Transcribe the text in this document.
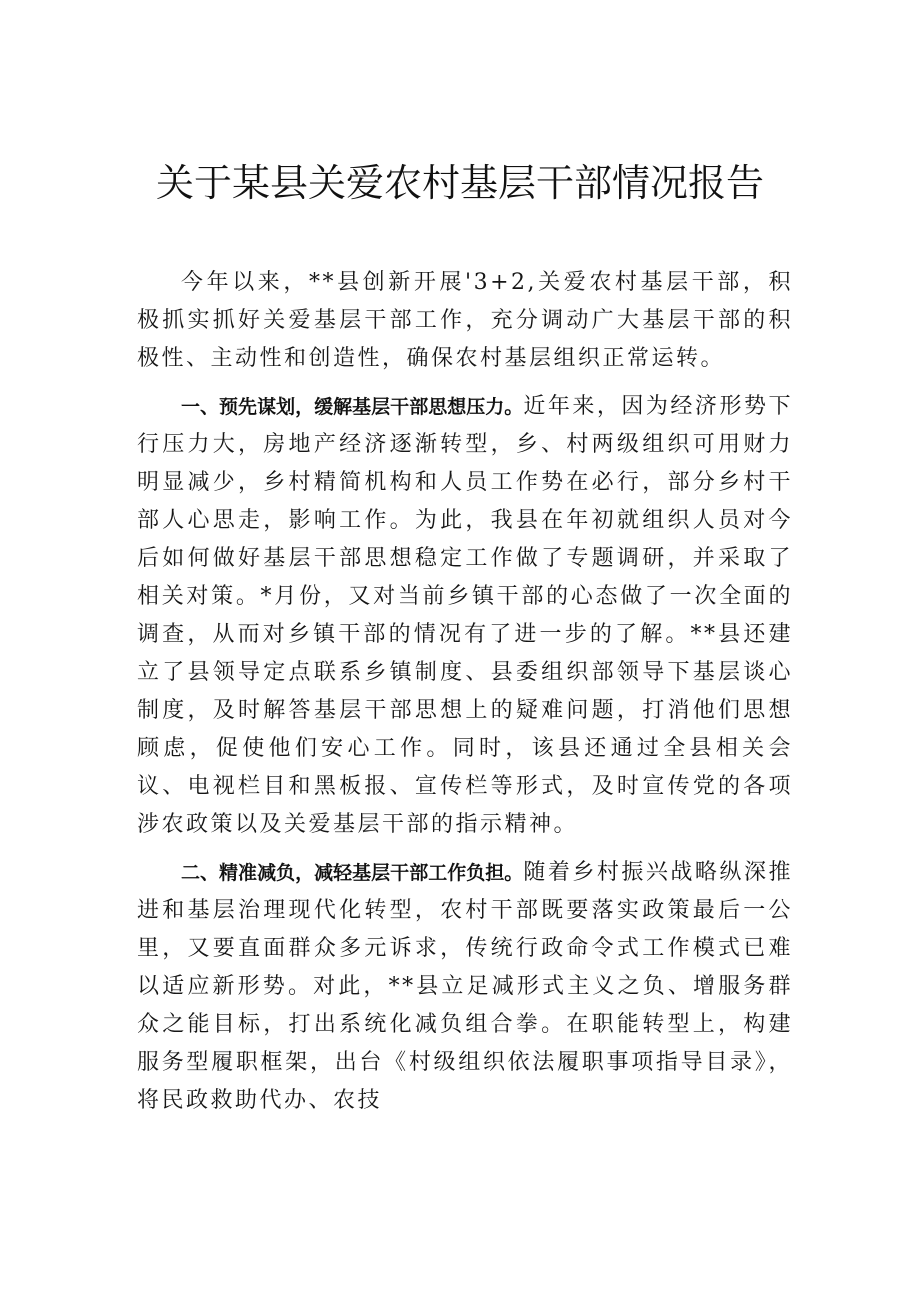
关于某县关爱农村基层干部情况报告

今年以来，**县创新开展'3+2,关爱农村基层干部，积极抓实抓好关爱基层干部工作，充分调动广大基层干部的积极性、主动性和创造性，确保农村基层组织正常运转。

一、预先谋划，缓解基层干部思想压力。近年来，因为经济形势下行压力大，房地产经济逐渐转型，乡、村两级组织可用财力明显减少，乡村精简机构和人员工作势在必行，部分乡村干部人心思走，影响工作。为此，我县在年初就组织人员对今后如何做好基层干部思想稳定工作做了专题调研，并采取了相关对策。*月份，又对当前乡镇干部的心态做了一次全面的调查，从而对乡镇干部的情况有了进一步的了解。**县还建立了县领导定点联系乡镇制度、县委组织部领导下基层谈心制度，及时解答基层干部思想上的疑难问题，打消他们思想顾虑，促使他们安心工作。同时，该县还通过全县相关会议、电视栏目和黑板报、宣传栏等形式，及时宣传党的各项涉农政策以及关爱基层干部的指示精神。

二、精准减负，减轻基层干部工作负担。随着乡村振兴战略纵深推进和基层治理现代化转型，农村干部既要落实政策最后一公里，又要直面群众多元诉求，传统行政命令式工作模式已难以适应新形势。对此，**县立足减形式主义之负、增服务群众之能目标，打出系统化减负组合拳。在职能转型上，构建服务型履职框架，出台《村级组织依法履职事项指导目录》，将民政救助代办、农技
